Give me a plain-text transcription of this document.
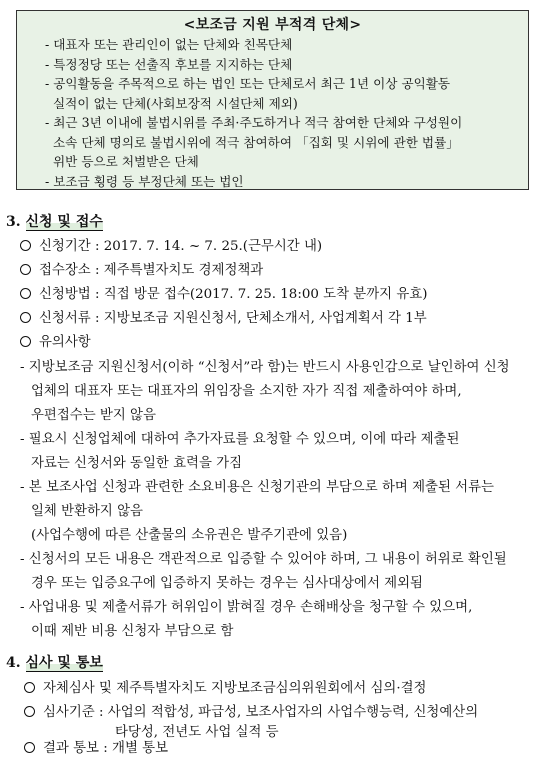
<보조금 지원 부적격 단체>
- 대표자 또는 관리인이 없는 단체와 친목단체
- 특정정당 또는 선출직 후보를 지지하는 단체
- 공익활동을 주목적으로 하는 법인 또는 단체로서 최근 1년 이상 공익활동
실적이 없는 단체(사회보장적 시설단체 제외)
- 최근 3년 이내에 불법시위를 주최·주도하거나 적극 참여한 단체와 구성원이
소속 단체 명의로 불법시위에 적극 참여하여 「집회 및 시위에 관한 법률」
위반 등으로 처벌받은 단체
- 보조금 횡령 등 부정단체 또는 법인
3. 신청 및 접수
신청기간 : 2017. 7. 14. ~ 7. 25.(근무시간 내)
접수장소 : 제주특별자치도 경제정책과
신청방법 : 직접 방문 접수(2017. 7. 25. 18:00 도착 분까지 유효)
신청서류 : 지방보조금 지원신청서, 단체소개서, 사업계획서 각 1부
유의사항
- 지방보조금 지원신청서(이하 “신청서”라 함)는 반드시 사용인감으로 날인하여 신청
업체의 대표자 또는 대표자의 위임장을 소지한 자가 직접 제출하여야 하며,
우편접수는 받지 않음
- 필요시 신청업체에 대하여 추가자료를 요청할 수 있으며, 이에 따라 제출된
자료는 신청서와 동일한 효력을 가짐
- 본 보조사업 신청과 관련한 소요비용은 신청기관의 부담으로 하며 제출된 서류는
일체 반환하지 않음
(사업수행에 따른 산출물의 소유권은 발주기관에 있음)
- 신청서의 모든 내용은 객관적으로 입증할 수 있어야 하며, 그 내용이 허위로 확인될
경우 또는 입증요구에 입증하지 못하는 경우는 심사대상에서 제외됨
- 사업내용 및 제출서류가 허위임이 밝혀질 경우 손해배상을 청구할 수 있으며,
이때 제반 비용 신청자 부담으로 함
4. 심사 및 통보
자체심사 및 제주특별자치도 지방보조금심의위원회에서 심의·결정
심사기준 : 사업의 적합성, 파급성, 보조사업자의 사업수행능력, 신청예산의
타당성, 전년도 사업 실적 등
결과 통보 : 개별 통보
